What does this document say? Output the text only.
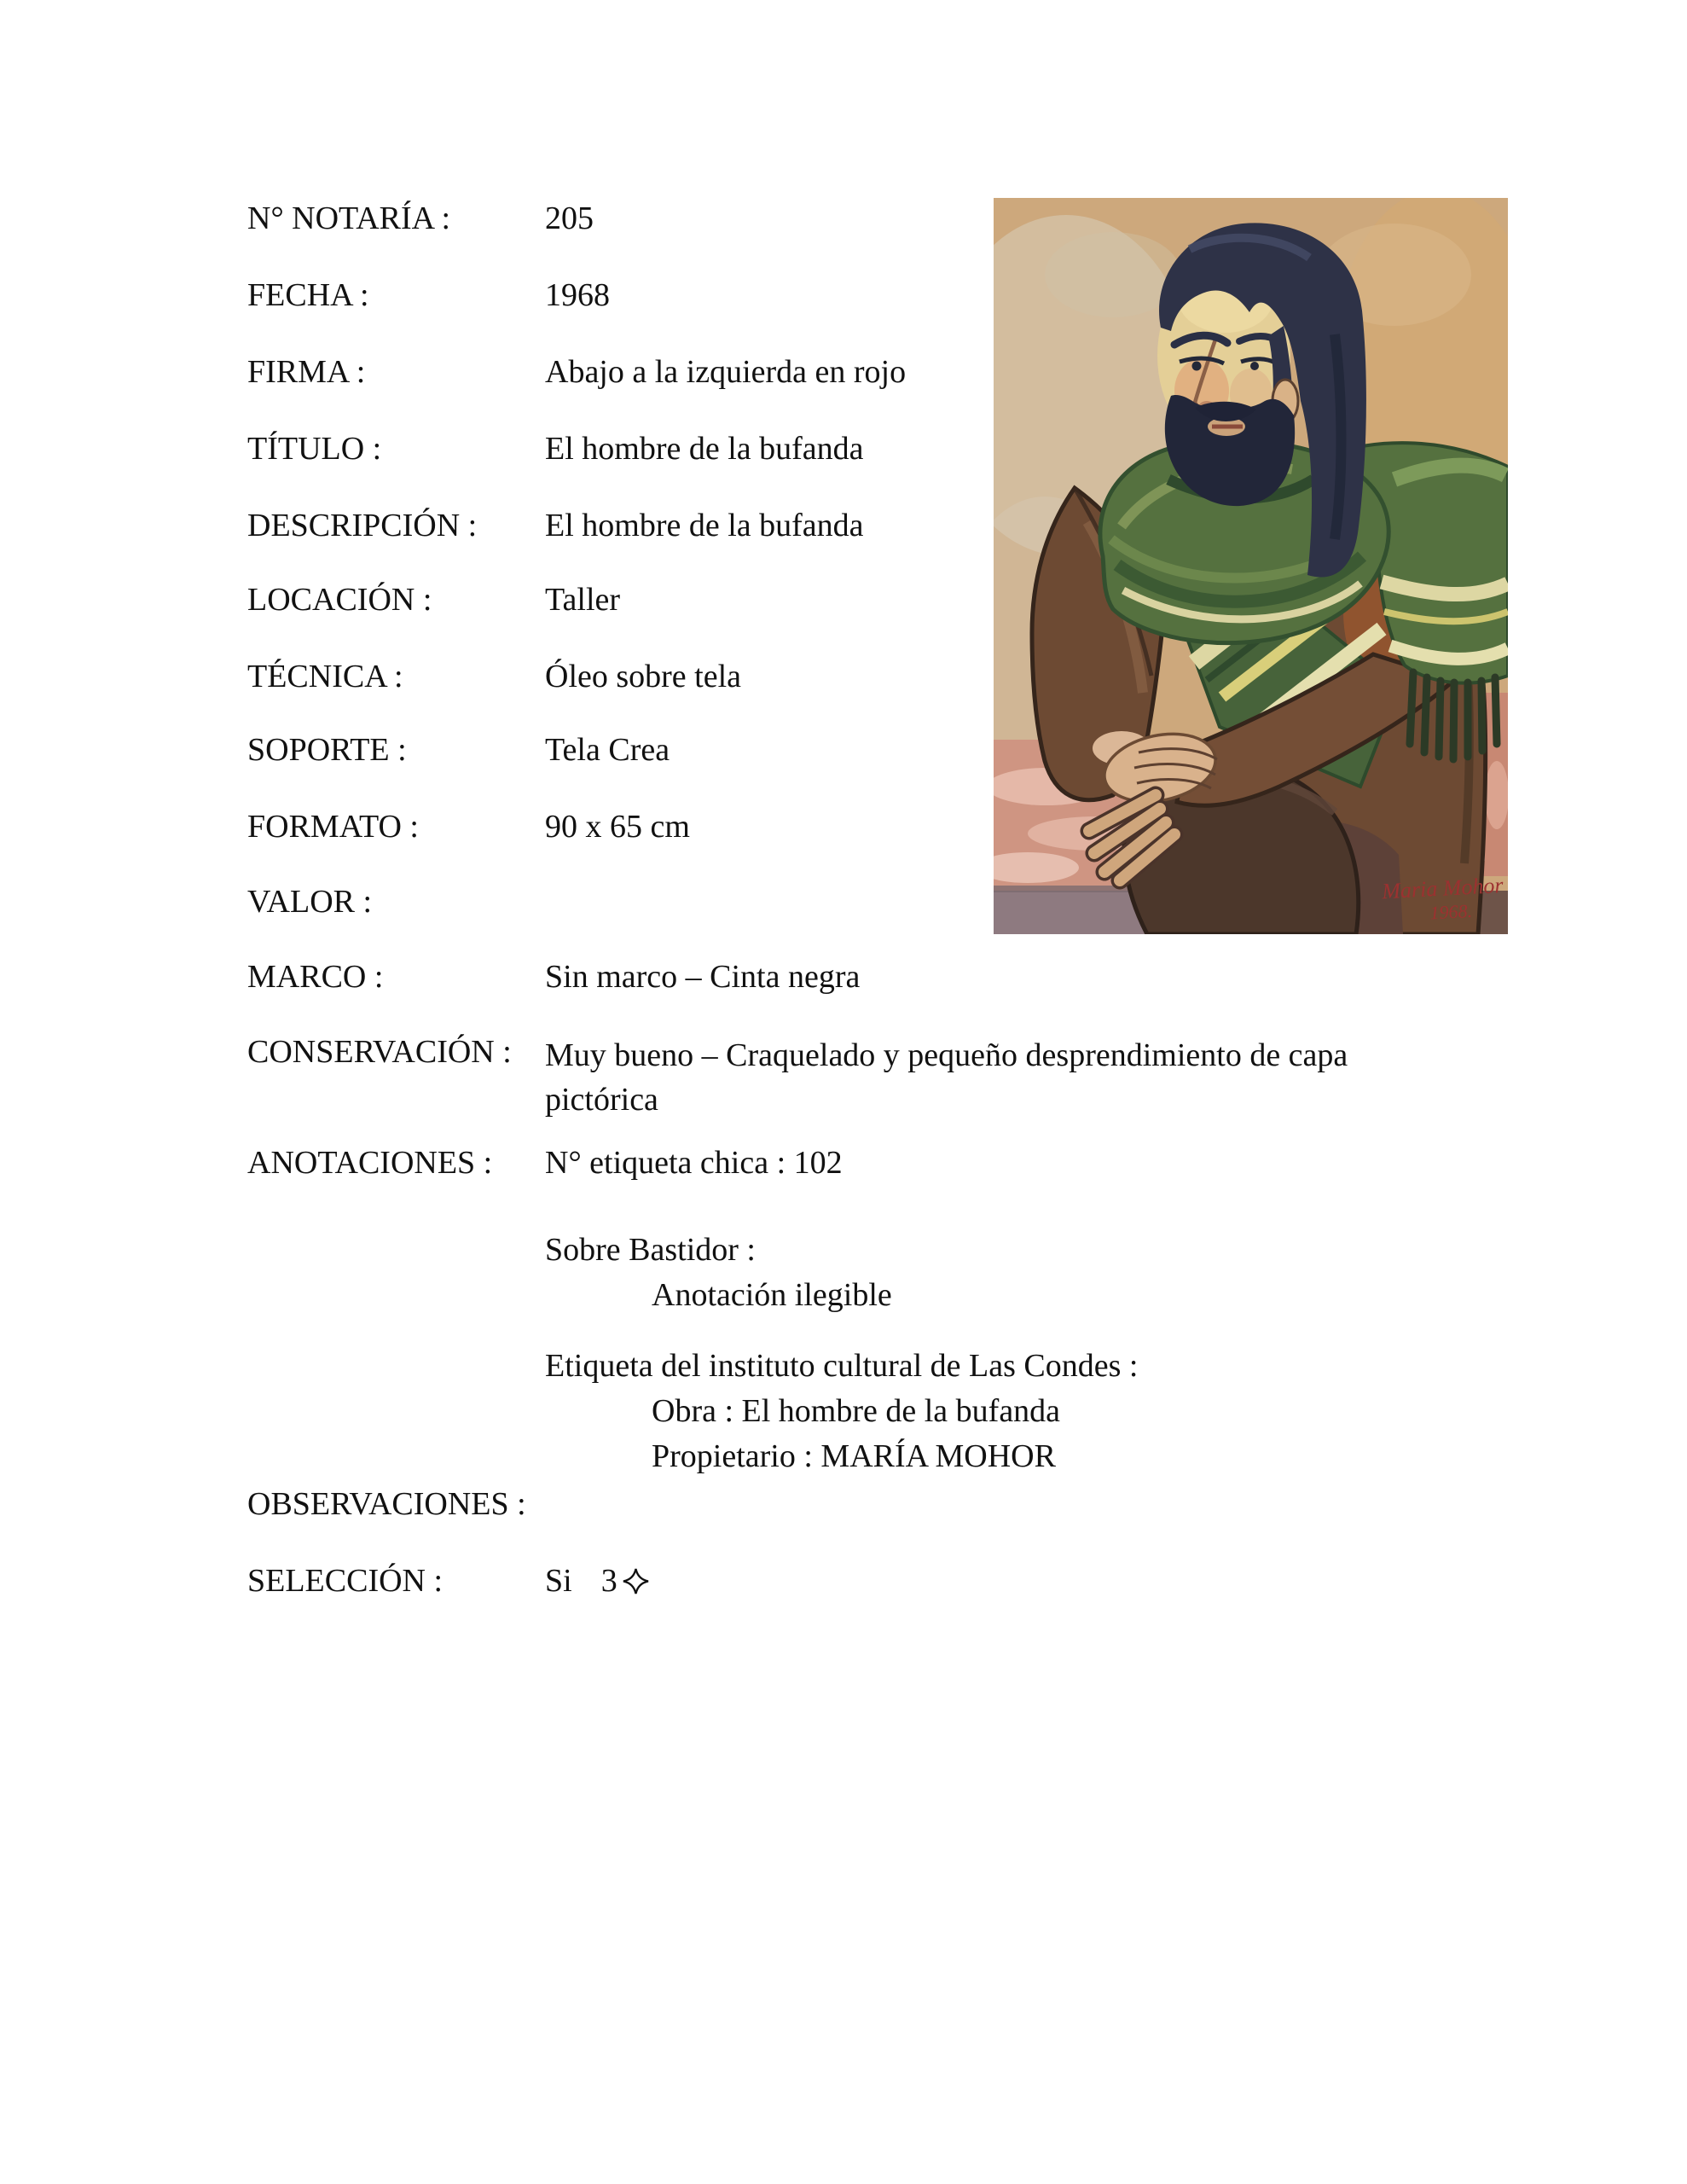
N° NOTARÍA :	205
FECHA :	1968
FIRMA :	Abajo a la izquierda en rojo
TÍTULO :	El hombre de la bufanda
DESCRIPCIÓN :	El hombre de la bufanda
LOCACIÓN :	Taller
TÉCNICA :	Óleo sobre tela
SOPORTE :	Tela Crea
FORMATO :	90 x 65 cm
VALOR :
MARCO :	Sin marco – Cinta negra
CONSERVACIÓN :	Muy bueno – Craquelado y pequeño desprendimiento de capa pictórica
ANOTACIONES :	N° etiqueta chica : 102
Sobre Bastidor :
Anotación ilegible
Etiqueta del instituto cultural de Las Condes :
Obra : El hombre de la bufanda
Propietario : MARÍA MOHOR
OBSERVACIONES :
SELECCIÓN :	Si 3
Maria Mohor
1968.
